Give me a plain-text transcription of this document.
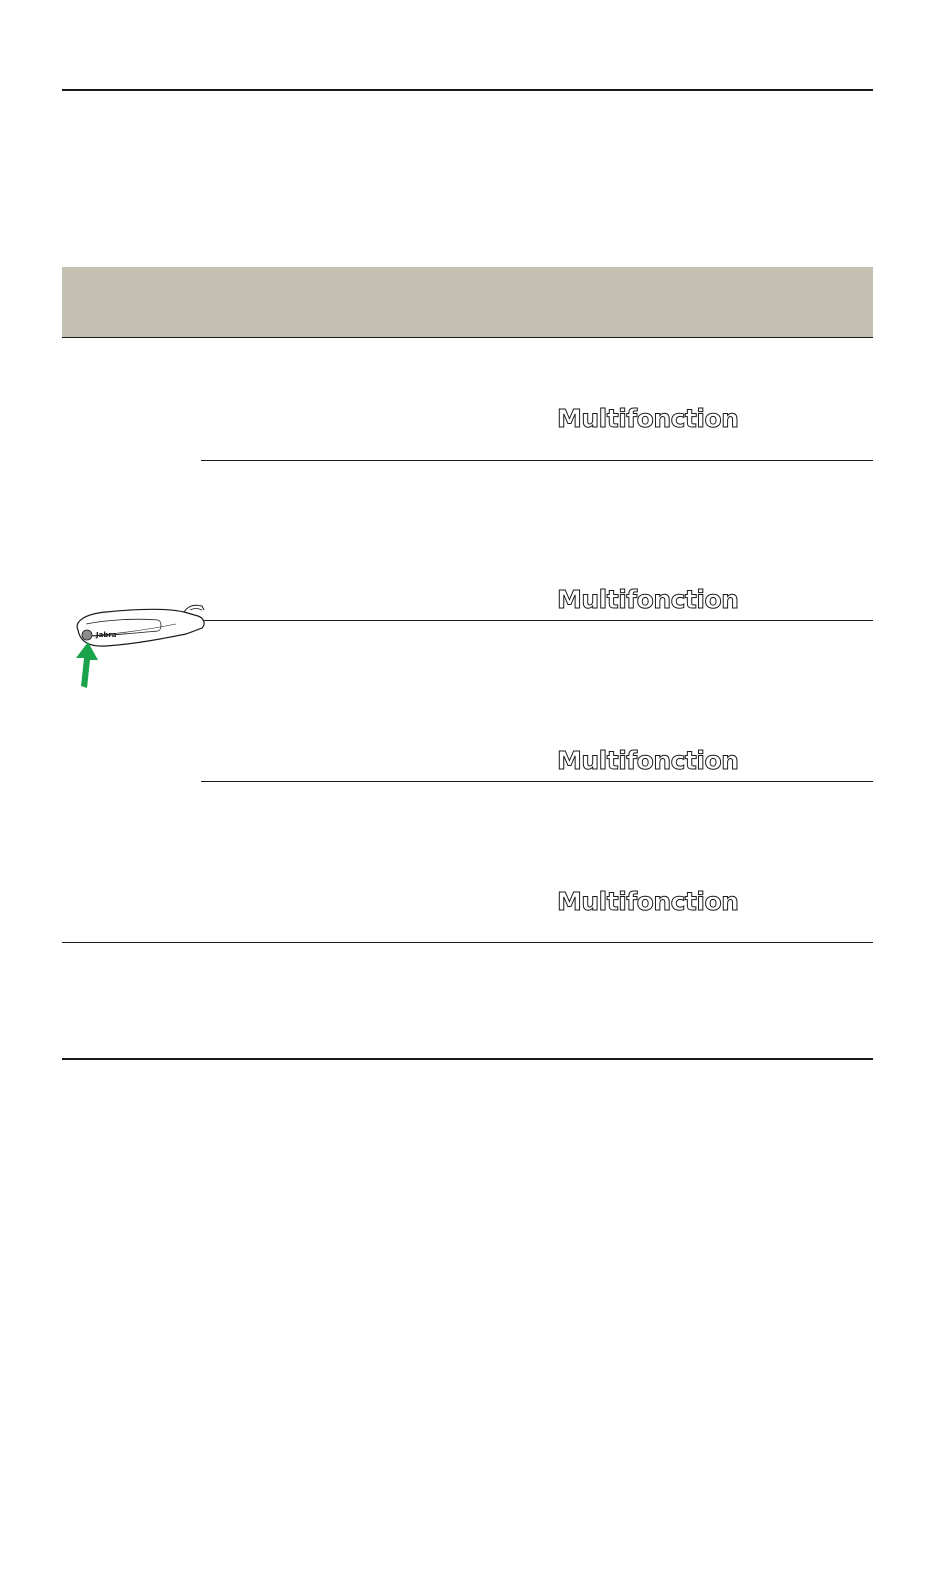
Multifonction
Multifonction
Multifonction
Multifonction
Jabra
